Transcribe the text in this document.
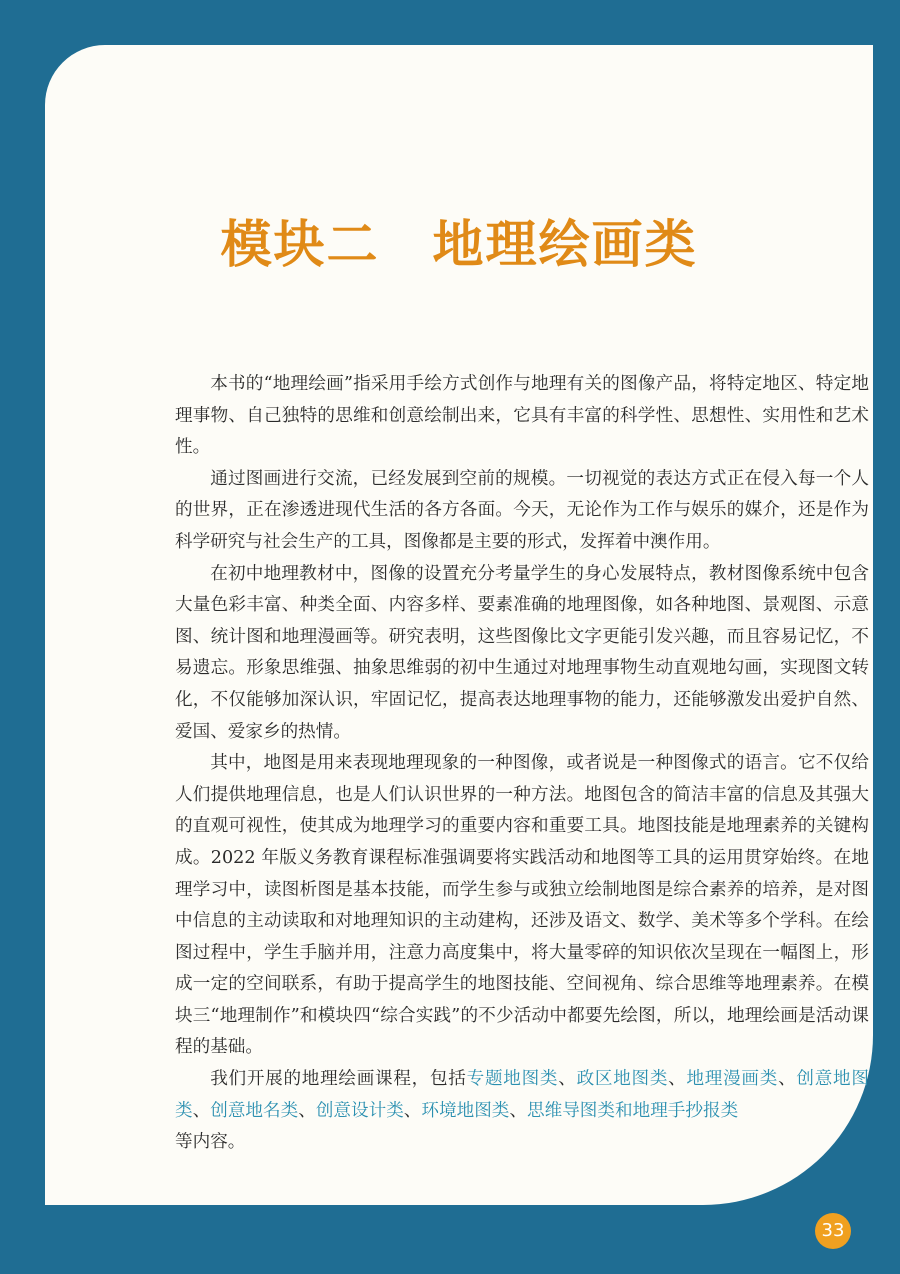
模块二　地理绘画类

本书的“地理绘画”指采用手绘方式创作与地理有关的图像产品，将特定地区、特定地理事物、自己独特的思维和创意绘制出来，它具有丰富的科学性、思想性、实用性和艺术性。

通过图画进行交流，已经发展到空前的规模。一切视觉的表达方式正在侵入每一个人的世界，正在渗透进现代生活的各方各面。今天，无论作为工作与娱乐的媒介，还是作为科学研究与社会生产的工具，图像都是主要的形式，发挥着中澳作用。

在初中地理教材中，图像的设置充分考量学生的身心发展特点，教材图像系统中包含大量色彩丰富、种类全面、内容多样、要素准确的地理图像，如各种地图、景观图、示意图、统计图和地理漫画等。研究表明，这些图像比文字更能引发兴趣，而且容易记忆，不易遗忘。形象思维强、抽象思维弱的初中生通过对地理事物生动直观地勾画，实现图文转化，不仅能够加深认识，牢固记忆，提高表达地理事物的能力，还能够激发出爱护自然、爱国、爱家乡的热情。

其中，地图是用来表现地理现象的一种图像，或者说是一种图像式的语言。它不仅给人们提供地理信息，也是人们认识世界的一种方法。地图包含的简洁丰富的信息及其强大的直观可视性，使其成为地理学习的重要内容和重要工具。地图技能是地理素养的关键构成。2022 年版义务教育课程标准强调要将实践活动和地图等工具的运用贯穿始终。在地理学习中，读图析图是基本技能，而学生参与或独立绘制地图是综合素养的培养，是对图中信息的主动读取和对地理知识的主动建构，还涉及语文、数学、美术等多个学科。在绘图过程中，学生手脑并用，注意力高度集中，将大量零碎的知识依次呈现在一幅图上，形成一定的空间联系，有助于提高学生的地图技能、空间视角、综合思维等地理素养。在模块三“地理制作”和模块四“综合实践”的不少活动中都要先绘图，所以，地理绘画是活动课程的基础。

我们开展的地理绘画课程，包括专题地图类、政区地图类、地理漫画类、创意地图类、创意地名类、创意设计类、环境地图类、思维导图类和地理手抄报类
等内容。

33
